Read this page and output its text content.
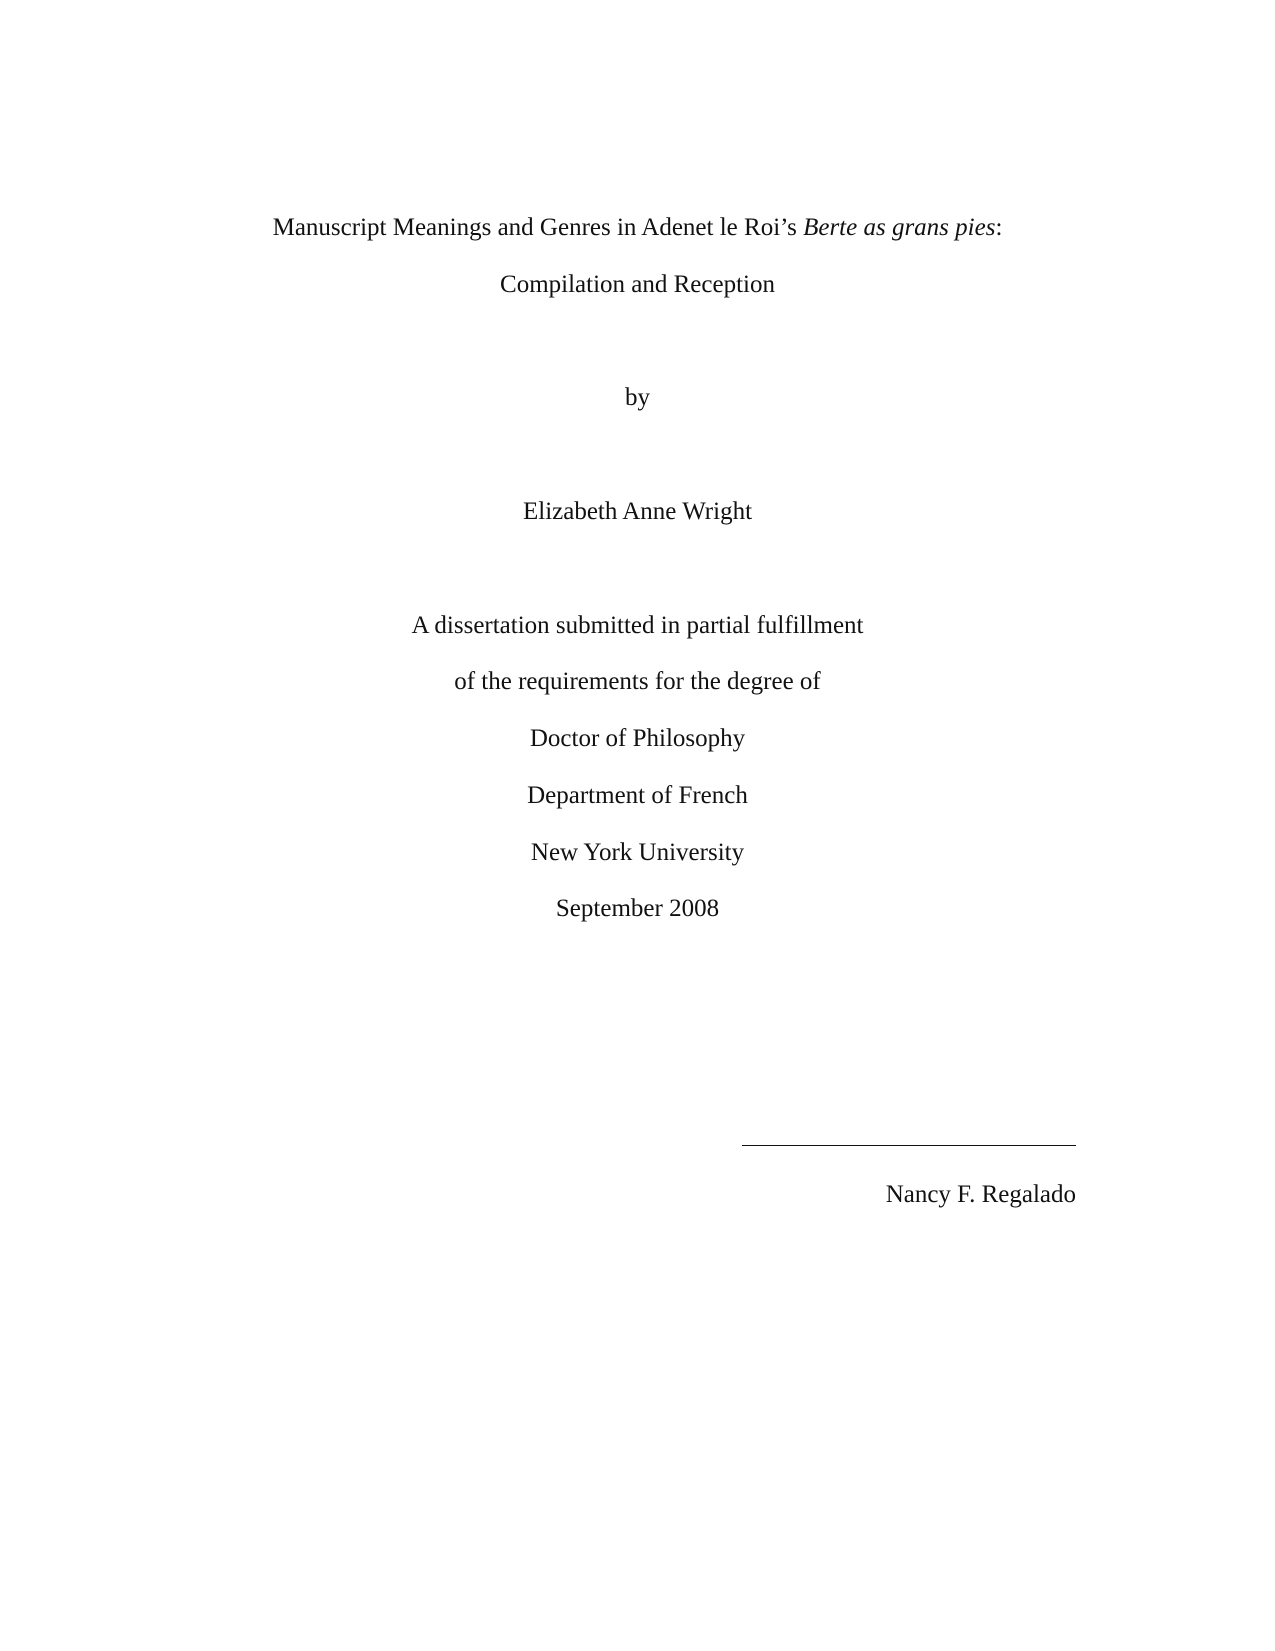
Manuscript Meanings and Genres in Adenet le Roi’s Berte as grans pies:
Compilation and Reception
by
Elizabeth Anne Wright
A dissertation submitted in partial fulfillment
of the requirements for the degree of
Doctor of Philosophy
Department of French
New York University
September 2008
Nancy F. Regalado
